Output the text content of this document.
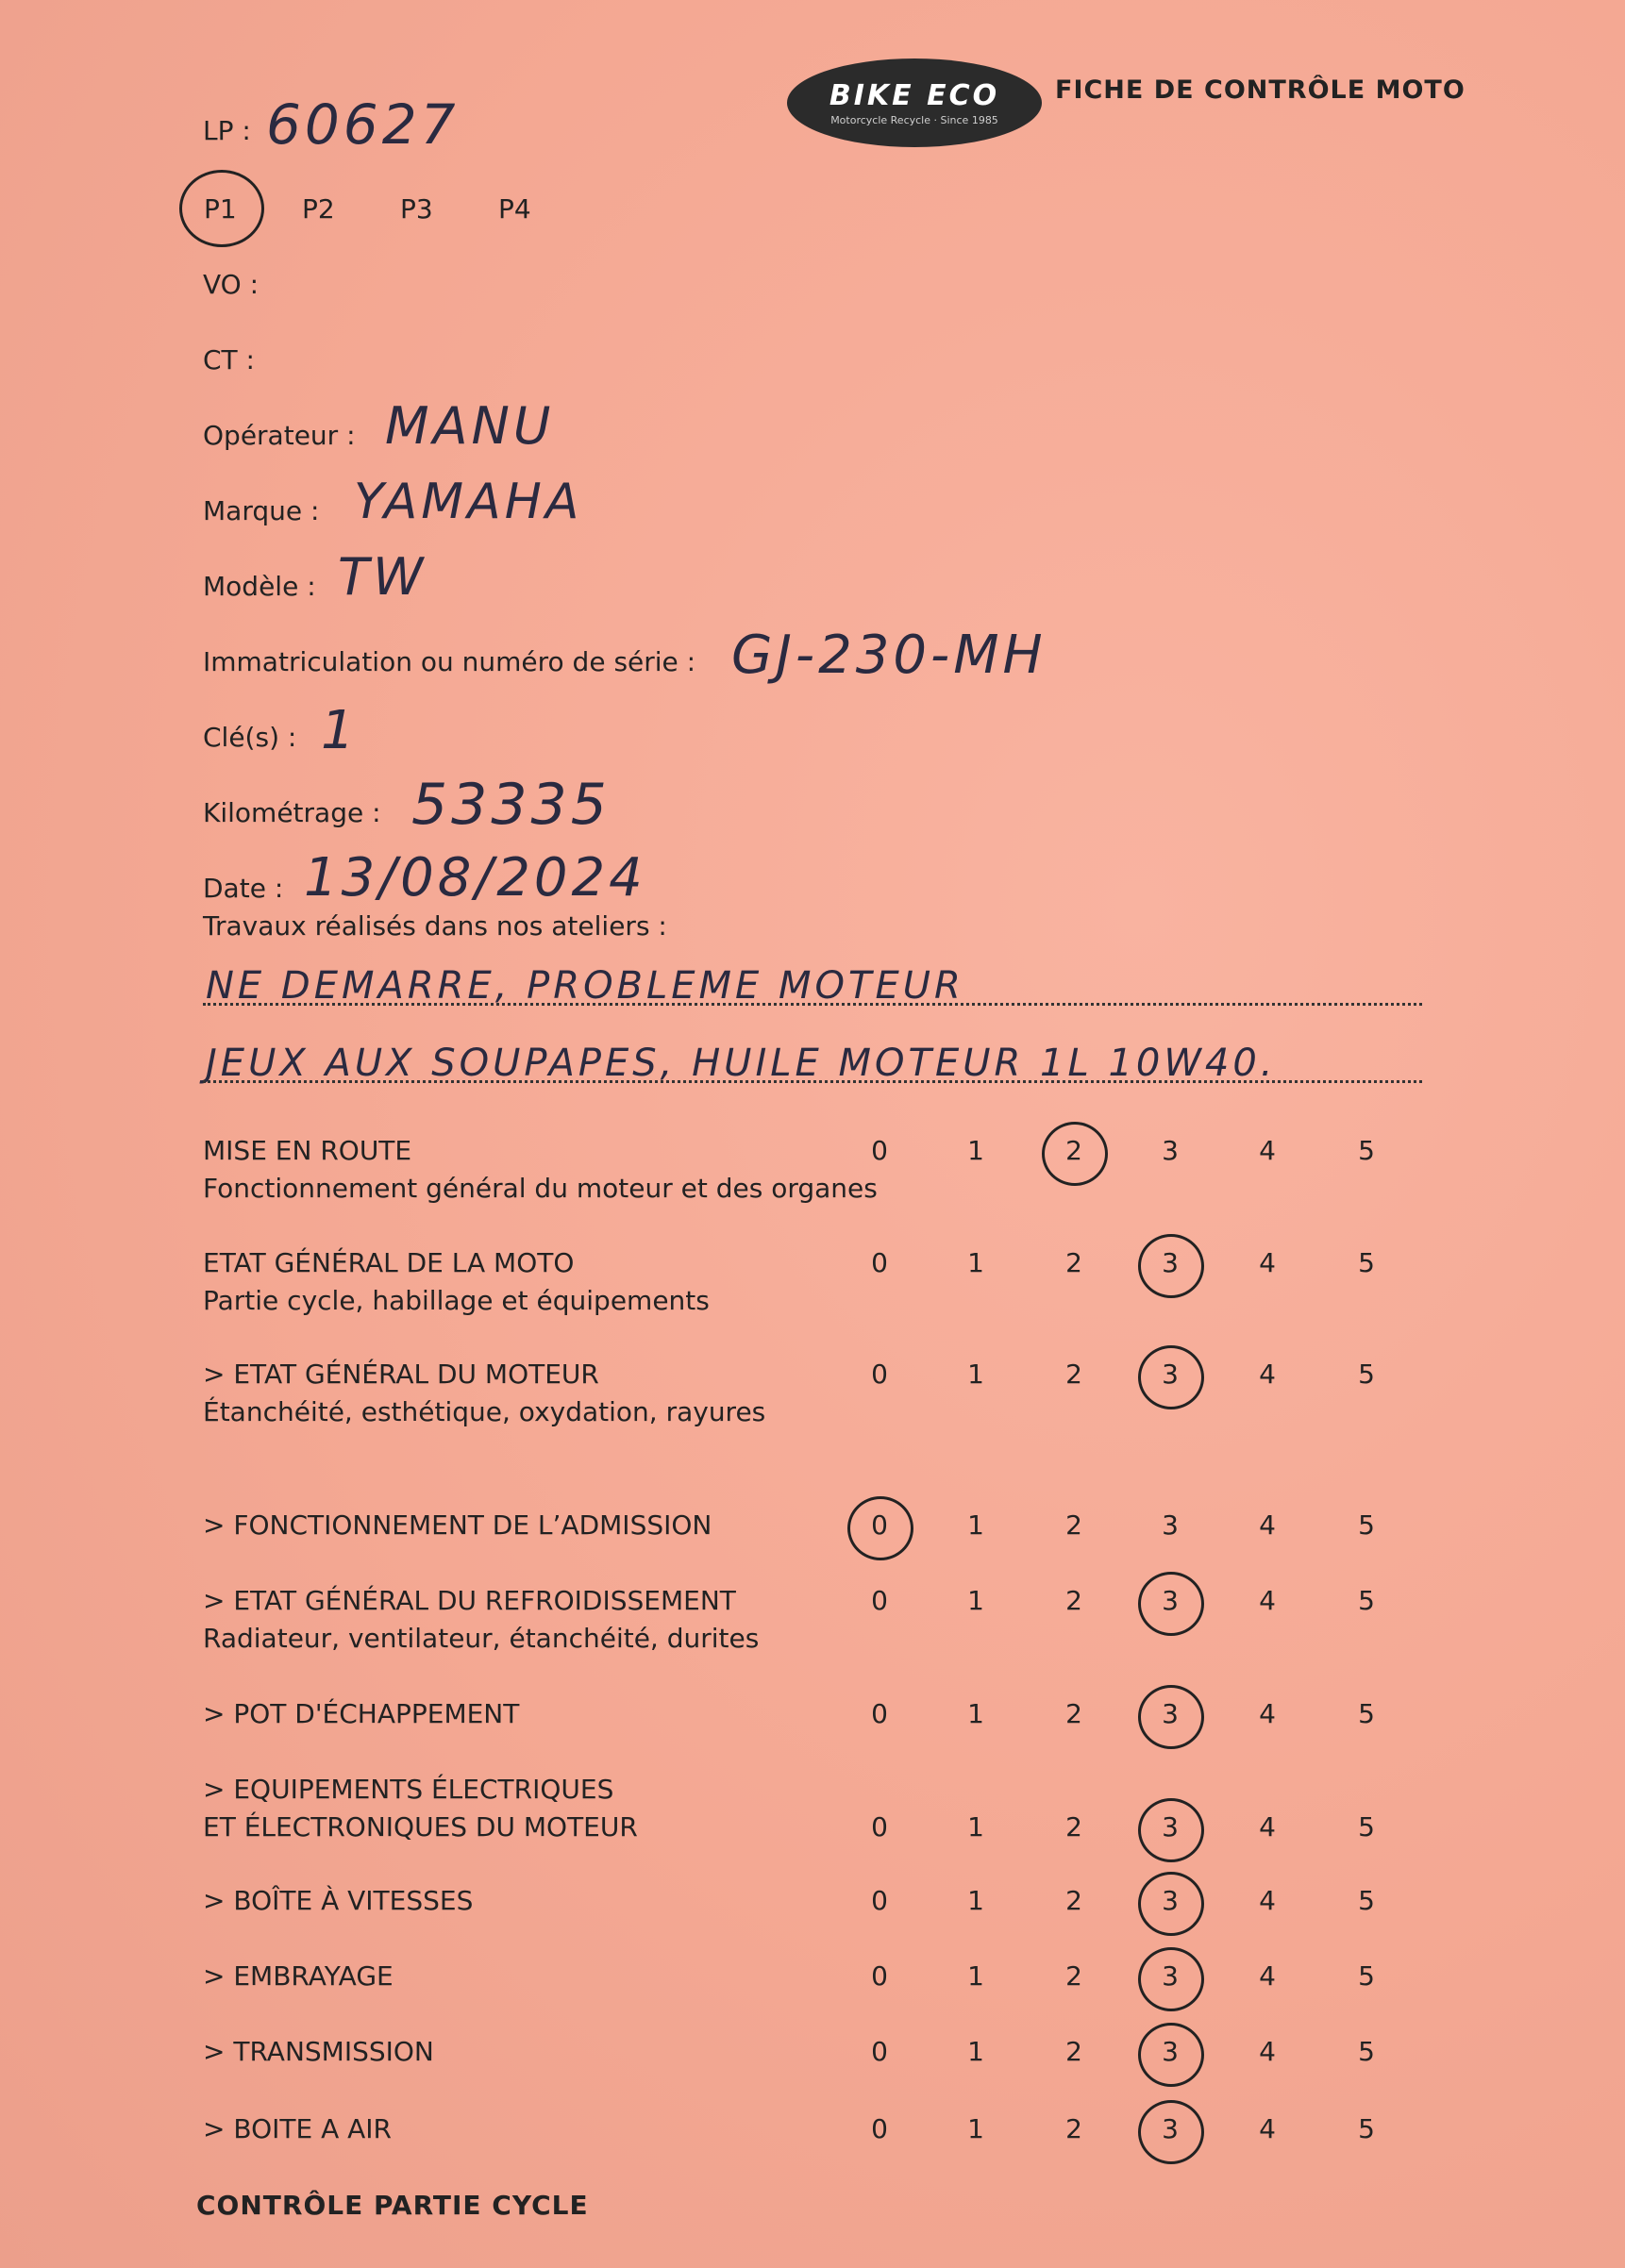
BIKE ECO
Motorcycle Recycle · Since 1985
FICHE DE CONTRÔLE MOTO
LP : 60627
P1 P2 P3 P4
VO :
CT :
Opérateur : MANU
Marque : YAMAHA
Modèle : TW
Immatriculation ou numéro de série : GJ-230-MH
Clé(s) : 1
Kilométrage : 53335
Date : 13/08/2024
Travaux réalisés dans nos ateliers :
NE DEMARRE, PROBLEME MOTEUR
JEUX AUX SOUPAPES, HUILE MOTEUR 1L 10W40.
MISE EN ROUTE
Fonctionnement général du moteur et des organes
0	1	2	3	4	5
ETAT GÉNÉRAL DE LA MOTO
Partie cycle, habillage et équipements
0	1	2	3	4	5
> ETAT GÉNÉRAL DU MOTEUR
Étanchéité, esthétique, oxydation, rayures
0	1	2	3	4	5
> FONCTIONNEMENT DE L’ADMISSION	0	1	2	3	4	5
> ETAT GÉNÉRAL DU REFROIDISSEMENT
Radiateur, ventilateur, étanchéité, durites
0	1	2	3	4	5
> POT D'ÉCHAPPEMENT	0	1	2	3	4	5
> EQUIPEMENTS ÉLECTRIQUES
ET ÉLECTRONIQUES DU MOTEUR	0	1	2	3	4	5
> BOÎTE À VITESSES	0	1	2	3	4	5
> EMBRAYAGE	0	1	2	3	4	5
> TRANSMISSION	0	1	2	3	4	5
> BOITE A AIR	0	1	2	3	4	5
CONTRÔLE PARTIE CYCLE
